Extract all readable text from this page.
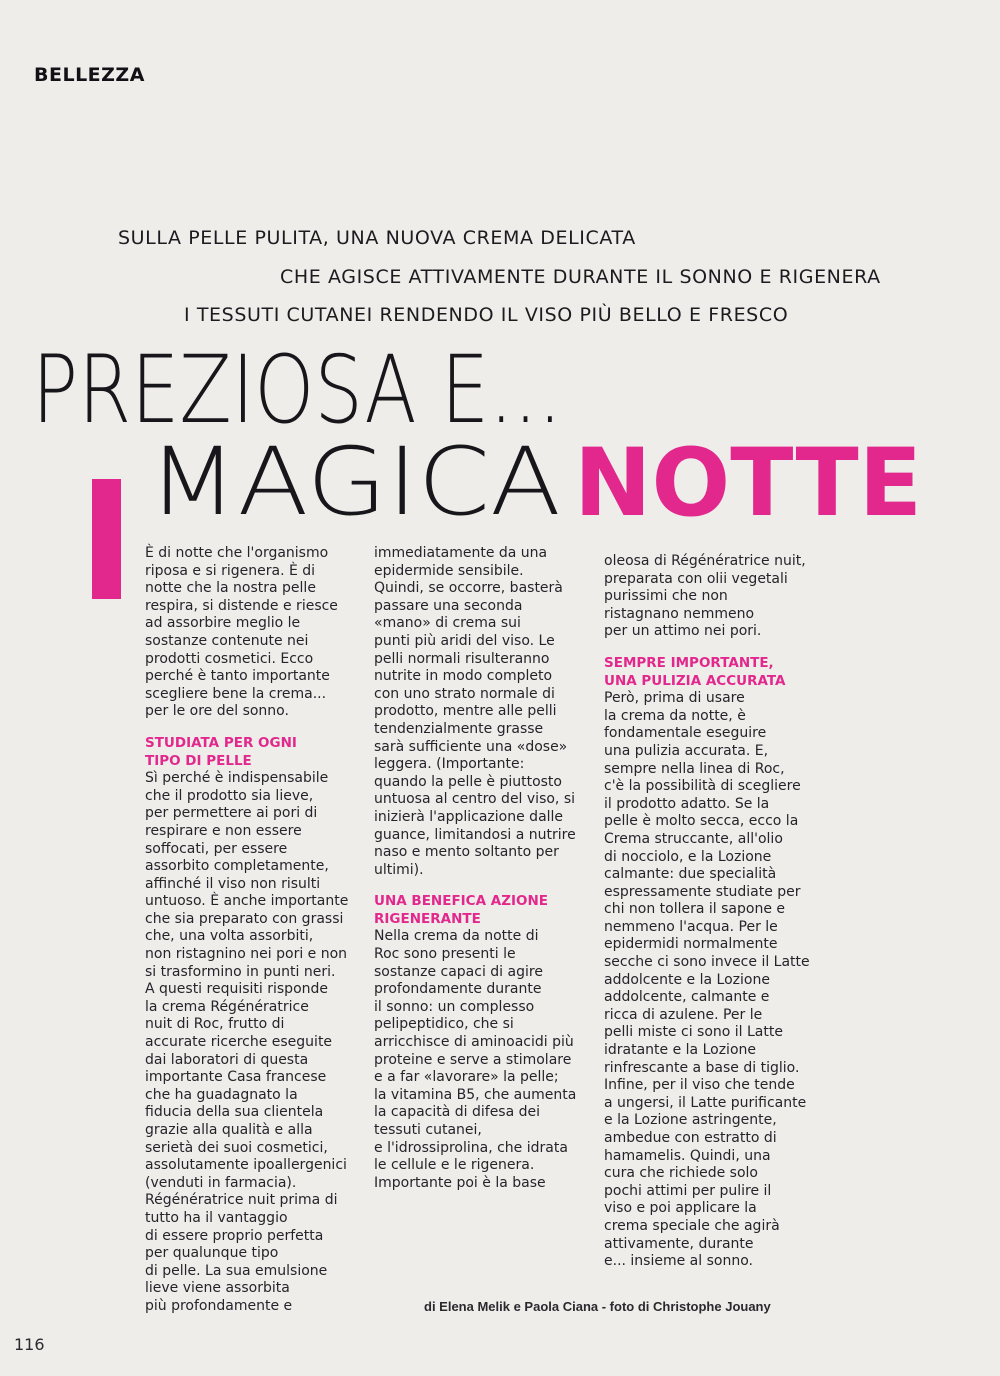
BELLEZZA
SULLA PELLE PULITA, UNA NUOVA CREMA DELICATA
CHE AGISCE ATTIVAMENTE DURANTE IL SONNO E RIGENERA
I TESSUTI CUTANEI RENDENDO IL VISO PIÙ BELLO E FRESCO
PREZIOSA E...
MAGICA NOTTE
È di notte che l'organismo
riposa e si rigenera. È di
notte che la nostra pelle
respira, si distende e riesce
ad assorbire meglio le
sostanze contenute nei
prodotti cosmetici. Ecco
perché è tanto importante
scegliere bene la crema...
per le ore del sonno.
STUDIATA PER OGNI
TIPO DI PELLE
Sì perché è indispensabile
che il prodotto sia lieve,
per permettere ai pori di
respirare e non essere
soffocati, per essere
assorbito completamente,
affinché il viso non risulti
untuoso. È anche importante
che sia preparato con grassi
che, una volta assorbiti,
non ristagnino nei pori e non
si trasformino in punti neri.
A questi requisiti risponde
la crema Régénératrice
nuit di Roc, frutto di
accurate ricerche eseguite
dai laboratori di questa
importante Casa francese
che ha guadagnato la
fiducia della sua clientela
grazie alla qualità e alla
serietà dei suoi cosmetici,
assolutamente ipoallergenici
(venduti in farmacia).
Régénératrice nuit prima di
tutto ha il vantaggio
di essere proprio perfetta
per qualunque tipo
di pelle. La sua emulsione
lieve viene assorbita
più profondamente e
immediatamente da una
epidermide sensibile.
Quindi, se occorre, basterà
passare una seconda
«mano» di crema sui
punti più aridi del viso. Le
pelli normali risulteranno
nutrite in modo completo
con uno strato normale di
prodotto, mentre alle pelli
tendenzialmente grasse
sarà sufficiente una «dose»
leggera. (Importante:
quando la pelle è piuttosto
untuosa al centro del viso, si
inizierà l'applicazione dalle
guance, limitandosi a nutrire
naso e mento soltanto per
ultimi).
UNA BENEFICA AZIONE
RIGENERANTE
Nella crema da notte di
Roc sono presenti le
sostanze capaci di agire
profondamente durante
il sonno: un complesso
pelipeptidico, che si
arricchisce di aminoacidi più
proteine e serve a stimolare
e a far «lavorare» la pelle;
la vitamina B5, che aumenta
la capacità di difesa dei
tessuti cutanei,
e l'idrossiprolina, che idrata
le cellule e le rigenera.
Importante poi è la base
oleosa di Régénératrice nuit,
preparata con olii vegetali
purissimi che non
ristagnano nemmeno
per un attimo nei pori.
SEMPRE IMPORTANTE,
UNA PULIZIA ACCURATA
Però, prima di usare
la crema da notte, è
fondamentale eseguire
una pulizia accurata. E,
sempre nella linea di Roc,
c'è la possibilità di scegliere
il prodotto adatto. Se la
pelle è molto secca, ecco la
Crema struccante, all'olio
di nocciolo, e la Lozione
calmante: due specialità
espressamente studiate per
chi non tollera il sapone e
nemmeno l'acqua. Per le
epidermidi normalmente
secche ci sono invece il Latte
addolcente e la Lozione
addolcente, calmante e
ricca di azulene. Per le
pelli miste ci sono il Latte
idratante e la Lozione
rinfrescante a base di tiglio.
Infine, per il viso che tende
a ungersi, il Latte purificante
e la Lozione astringente,
ambedue con estratto di
hamamelis. Quindi, una
cura che richiede solo
pochi attimi per pulire il
viso e poi applicare la
crema speciale che agirà
attivamente, durante
e... insieme al sonno.
di Elena Melik e Paola Ciana - foto di Christophe Jouany
116
